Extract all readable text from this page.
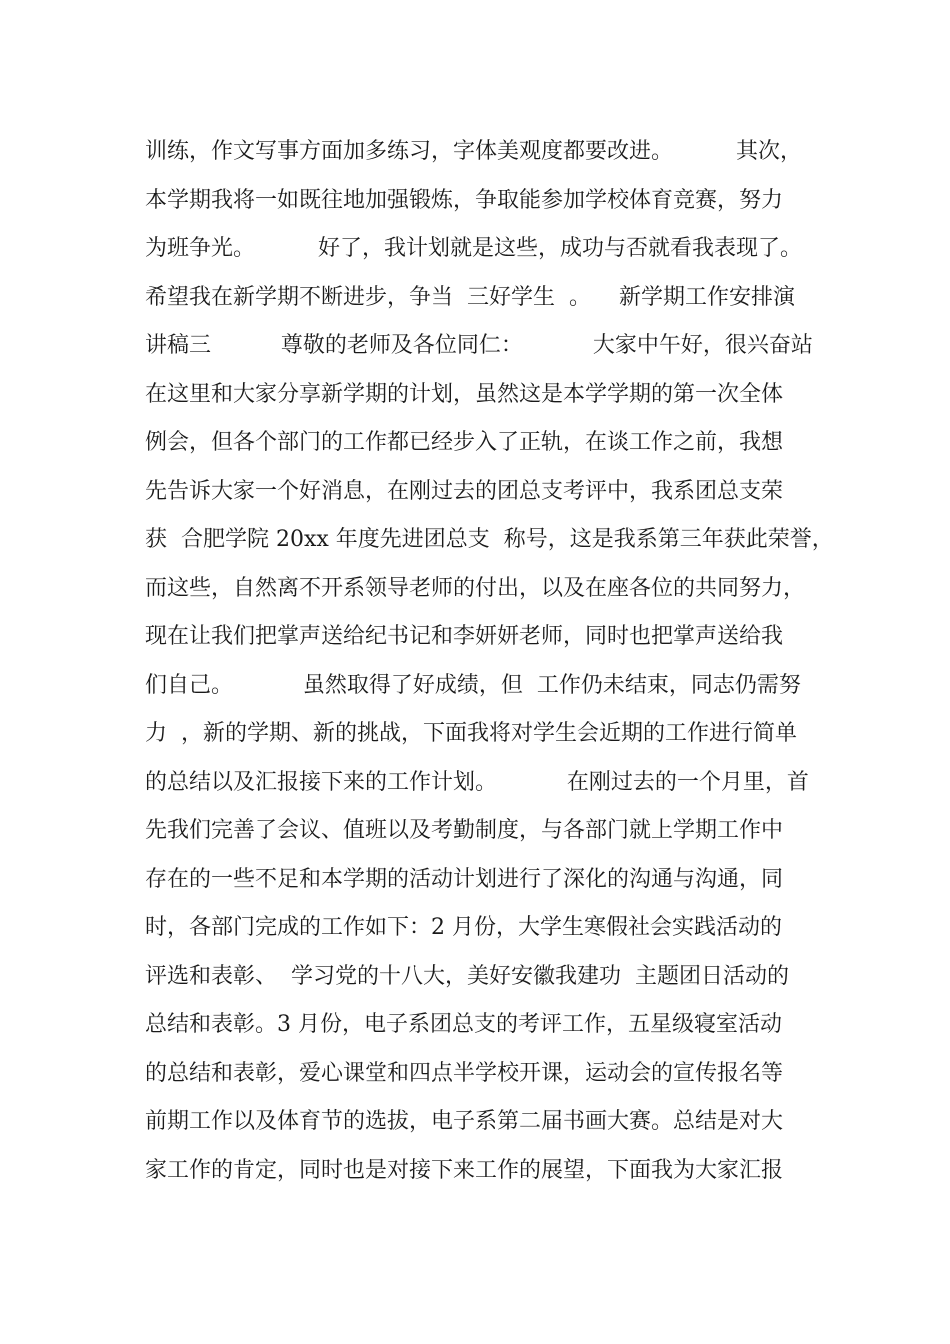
训练，作文写事方面加多练习，字体美观度都要改进。         其次，
本学期我将一如既往地加强锻炼，争取能参加学校体育竞赛，努力
为班争光。         好了，我计划就是这些，成功与否就看我表现了。
希望我在新学期不断进步，争当  三好学生  。    新学期工作安排演
讲稿三          尊敬的老师及各位同仁：          大家中午好，很兴奋站
在这里和大家分享新学期的计划，虽然这是本学学期的第一次全体
例会，但各个部门的工作都已经步入了正轨，在谈工作之前，我想
先告诉大家一个好消息，在刚过去的团总支考评中，我系团总支荣
获  合肥学院 20xx 年度先进团总支  称号，这是我系第三年获此荣誉，
而这些，自然离不开系领导老师的付出，以及在座各位的共同努力，
现在让我们把掌声送给纪书记和李妍妍老师，同时也把掌声送给我
们自己。          虽然取得了好成绩，但  工作仍未结束，同志仍需努
力  ，新的学期、新的挑战，下面我将对学生会近期的工作进行简单
的总结以及汇报接下来的工作计划。          在刚过去的一个月里，首
先我们完善了会议、值班以及考勤制度，与各部门就上学期工作中
存在的一些不足和本学期的活动计划进行了深化的沟通与沟通，同
时，各部门完成的工作如下：2 月份，大学生寒假社会实践活动的
评选和表彰、  学习党的十八大，美好安徽我建功  主题团日活动的
总结和表彰。3 月份，电子系团总支的考评工作，五星级寝室活动
的总结和表彰，爱心课堂和四点半学校开课，运动会的宣传报名等
前期工作以及体育节的选拔，电子系第二届书画大赛。总结是对大
家工作的肯定，同时也是对接下来工作的展望，下面我为大家汇报
